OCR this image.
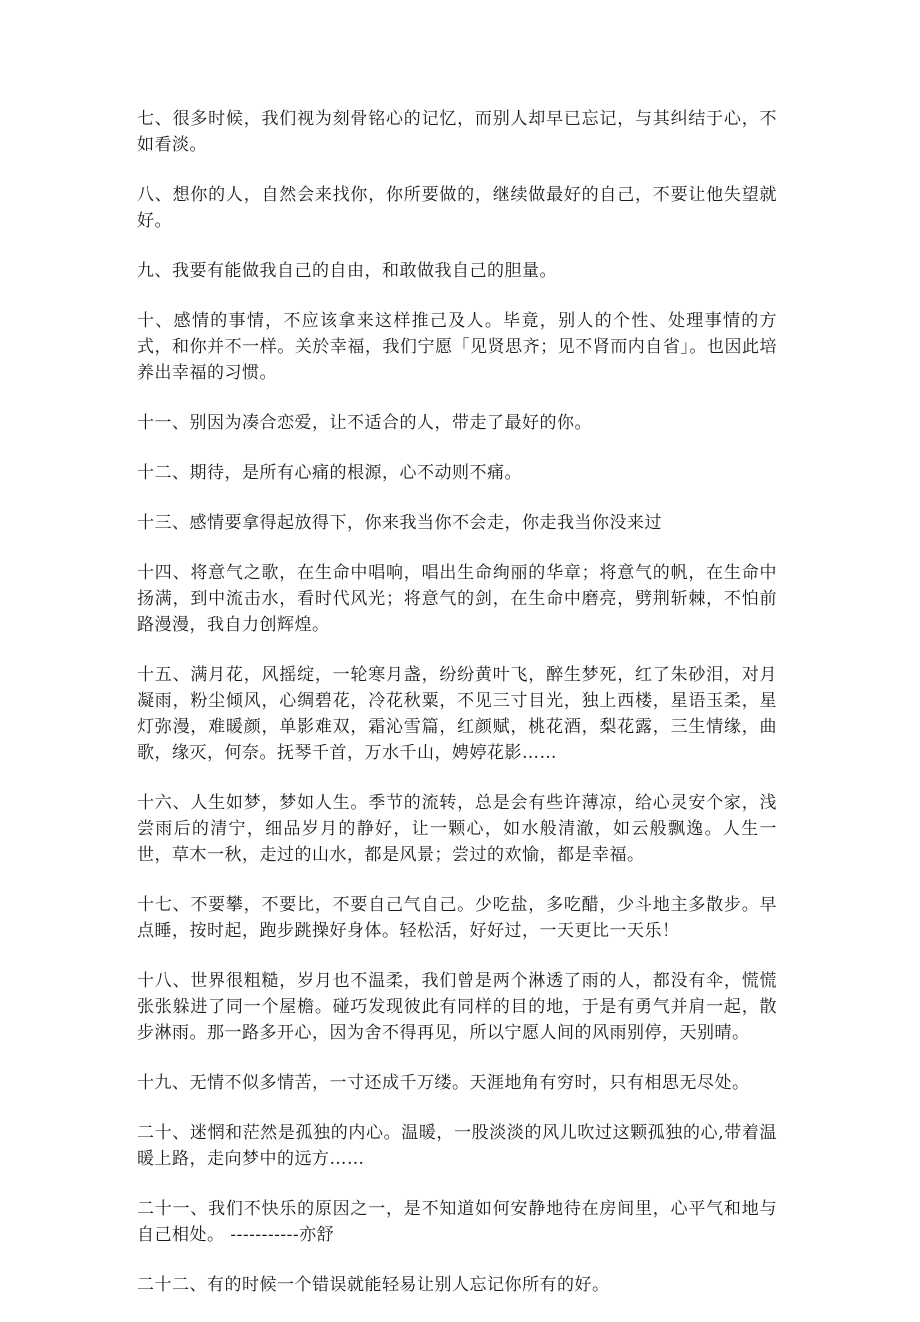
七、很多时候，我们视为刻骨铭心的记忆，而别人却早已忘记，与其纠结于心，不如看淡。

八、想你的人，自然会来找你，你所要做的，继续做最好的自己，不要让他失望就好。

九、我要有能做我自己的自由，和敢做我自己的胆量。

十、感情的事情，不应该拿来这样推己及人。毕竟，别人的个性、处理事情的方式，和你并不一样。关於幸福，我们宁愿「见贤思齐；见不肾而内自省」。也因此培养出幸福的习惯。

十一、别因为凑合恋爱，让不适合的人，带走了最好的你。

十二、期待，是所有心痛的根源，心不动则不痛。

十三、感情要拿得起放得下，你来我当你不会走，你走我当你没来过

十四、将意气之歌，在生命中唱响，唱出生命绚丽的华章；将意气的帆，在生命中扬满，到中流击水，看时代风光；将意气的剑，在生命中磨亮，劈荆斩棘，不怕前路漫漫，我自力创辉煌。

十五、满月花，风摇绽，一轮寒月盏，纷纷黄叶飞，醉生梦死，红了朱砂泪，对月凝雨，粉尘倾风，心绸碧花，冷花秋粟，不见三寸目光，独上西楼，星语玉柔，星灯弥漫，难暖颜，单影难双，霜沁雪篇，红颜赋，桃花酒，梨花露，三生情缘，曲歌，缘灭，何奈。抚琴千首，万水千山，娉婷花影……

十六、人生如梦，梦如人生。季节的流转，总是会有些许薄凉，给心灵安个家，浅尝雨后的清宁，细品岁月的静好，让一颗心，如水般清澈，如云般飘逸。人生一世，草木一秋，走过的山水，都是风景；尝过的欢愉，都是幸福。

十七、不要攀，不要比，不要自己气自己。少吃盐，多吃醋，少斗地主多散步。早点睡，按时起，跑步跳操好身体。轻松活，好好过，一天更比一天乐！

十八、世界很粗糙，岁月也不温柔，我们曾是两个淋透了雨的人，都没有伞，慌慌张张躲进了同一个屋檐。碰巧发现彼此有同样的目的地，于是有勇气并肩一起，散步淋雨。那一路多开心，因为舍不得再见，所以宁愿人间的风雨别停，天别晴。

十九、无情不似多情苦，一寸还成千万缕。天涯地角有穷时，只有相思无尽处。

二十、迷惘和茫然是孤独的内心。温暖，一股淡淡的风儿吹过这颗孤独的心,带着温暖上路，走向梦中的远方……

二十一、我们不快乐的原因之一，是不知道如何安静地待在房间里，心平气和地与自己相处。 -----------亦舒

二十二、有的时候一个错误就能轻易让别人忘记你所有的好。
